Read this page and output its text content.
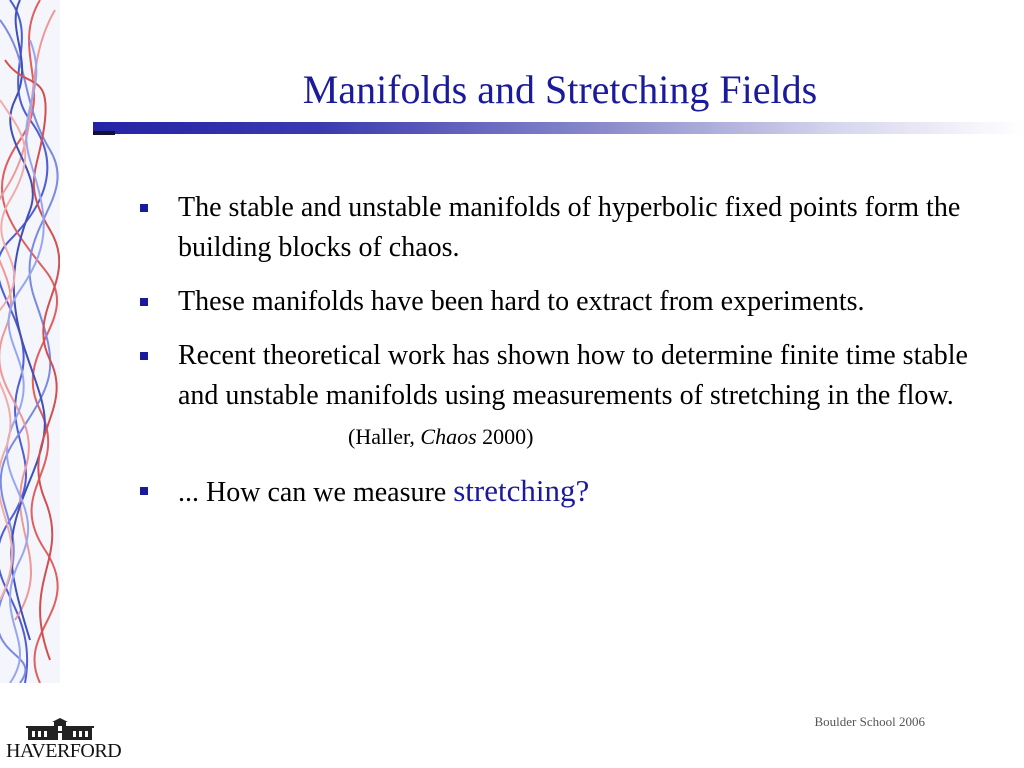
Manifolds and Stretching Fields
The stable and unstable manifolds of hyperbolic fixed points form the building blocks of chaos.
These manifolds have been hard to extract from experiments.
Recent theoretical work has shown how to determine finite time stable and unstable manifolds using measurements of stretching in the flow. (Haller, Chaos 2000)
... How can we measure stretching?
Boulder School 2006
HAVERFORD
